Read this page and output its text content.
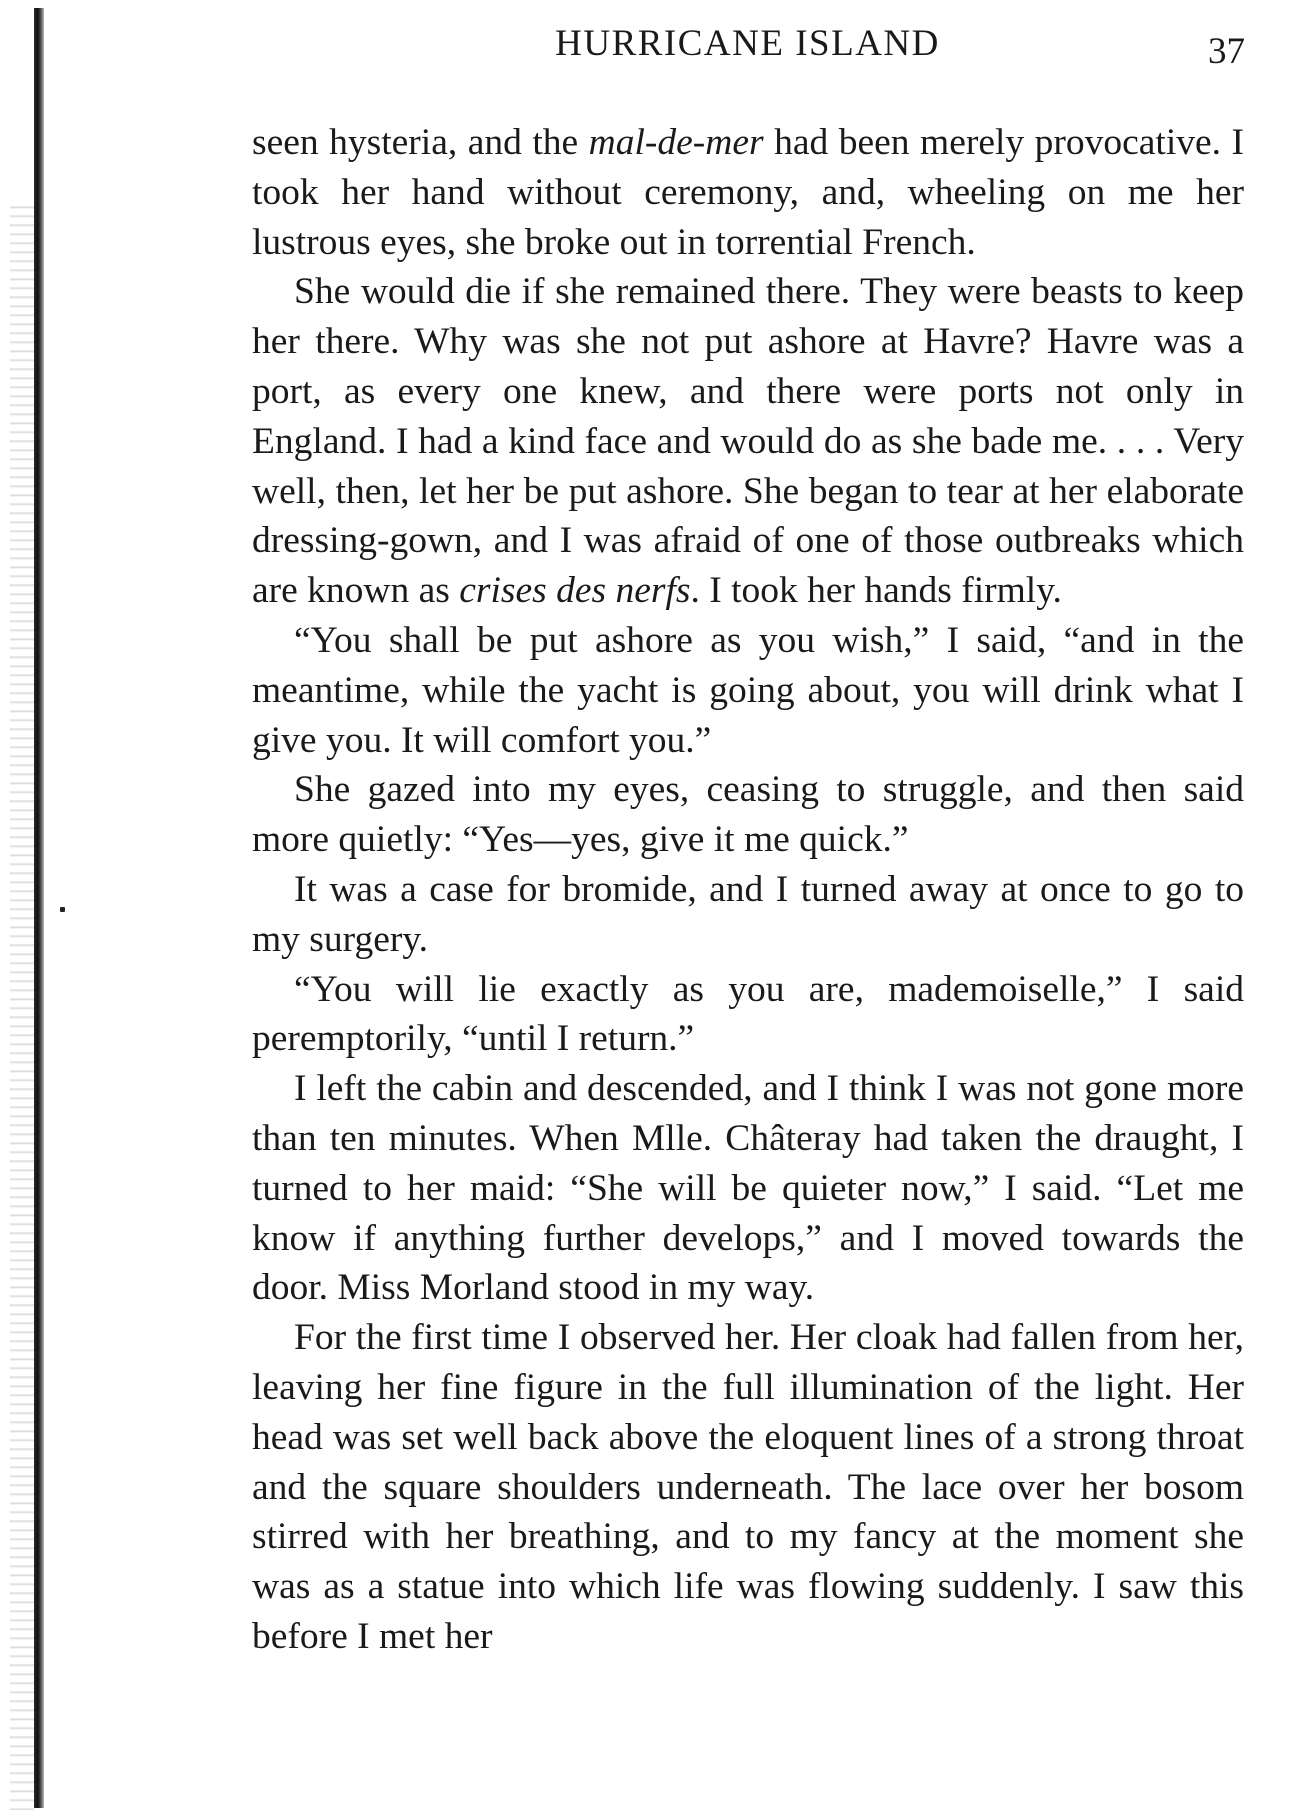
HURRICANE ISLAND	37

seen hysteria, and the mal-de-mer had been merely provocative. I took her hand without ceremony, and, wheeling on me her lustrous eyes, she broke out in torrential French.

She would die if she remained there. They were beasts to keep her there. Why was she not put ashore at Havre? Havre was a port, as every one knew, and there were ports not only in England. I had a kind face and would do as she bade me. . . . Very well, then, let her be put ashore. She began to tear at her elaborate dressing-gown, and I was afraid of one of those outbreaks which are known as crises des nerfs. I took her hands firmly.

“You shall be put ashore as you wish,” I said, “and in the meantime, while the yacht is going about, you will drink what I give you. It will comfort you.”

She gazed into my eyes, ceasing to struggle, and then said more quietly: “Yes—yes, give it me quick.”

It was a case for bromide, and I turned away at once to go to my surgery.

“You will lie exactly as you are, mademoiselle,” I said peremptorily, “until I return.”

I left the cabin and descended, and I think I was not gone more than ten minutes. When Mlle. Châteray had taken the draught, I turned to her maid: “She will be quieter now,” I said. “Let me know if anything further develops,” and I moved towards the door. Miss Morland stood in my way.

For the first time I observed her. Her cloak had fallen from her, leaving her fine figure in the full illumination of the light. Her head was set well back above the eloquent lines of a strong throat and the square shoulders underneath. The lace over her bosom stirred with her breathing, and to my fancy at the moment she was as a statue into which life was flowing suddenly. I saw this before I met her
